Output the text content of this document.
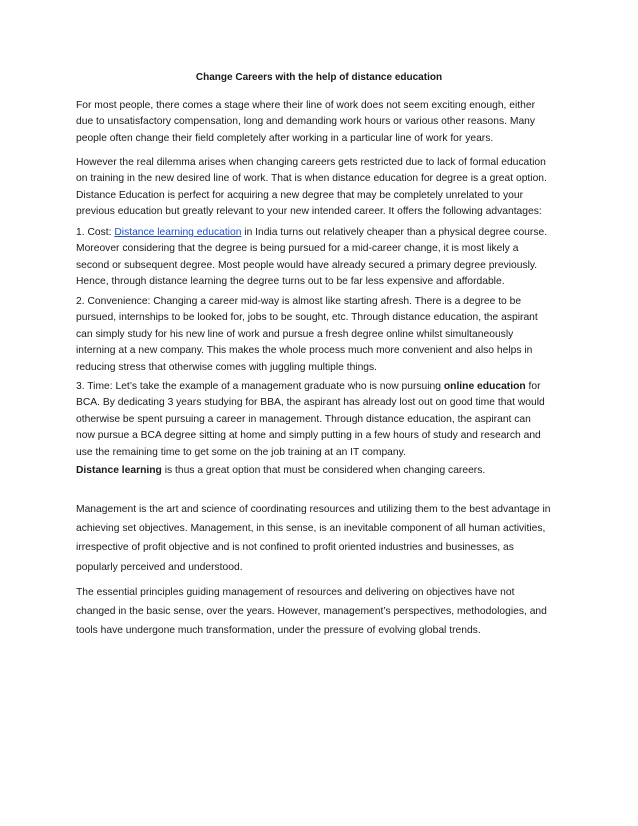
Change Careers with the help of distance education

For most people, there comes a stage where their line of work does not seem exciting enough, either
due to unsatisfactory compensation, long and demanding work hours or various other reasons. Many
people often change their field completely after working in a particular line of work for years.

However the real dilemma arises when changing careers gets restricted due to lack of formal education
on training in the new desired line of work. That is when distance education for degree is a great option.
Distance Education is perfect for acquiring a new degree that may be completely unrelated to your
previous education but greatly relevant to your new intended career. It offers the following advantages:

1. Cost: Distance learning education in India turns out relatively cheaper than a physical degree course.
Moreover considering that the degree is being pursued for a mid-career change, it is most likely a
second or subsequent degree. Most people would have already secured a primary degree previously.
Hence, through distance learning the degree turns out to be far less expensive and affordable.

2. Convenience: Changing a career mid-way is almost like starting afresh. There is a degree to be
pursued, internships to be looked for, jobs to be sought, etc. Through distance education, the aspirant
can simply study for his new line of work and pursue a fresh degree online whilst simultaneously
interning at a new company. This makes the whole process much more convenient and also helps in
reducing stress that otherwise comes with juggling multiple things.

3. Time: Let’s take the example of a management graduate who is now pursuing online education for
BCA. By dedicating 3 years studying for BBA, the aspirant has already lost out on good time that would
otherwise be spent pursuing a career in management. Through distance education, the aspirant can
now pursue a BCA degree sitting at home and simply putting in a few hours of study and research and
use the remaining time to get some on the job training at an IT company.

Distance learning is thus a great option that must be considered when changing careers.

Management is the art and science of coordinating resources and utilizing them to the best advantage in
achieving set objectives. Management, in this sense, is an inevitable component of all human activities,
irrespective of profit objective and is not confined to profit oriented industries and businesses, as
popularly perceived and understood.

The essential principles guiding management of resources and delivering on objectives have not
changed in the basic sense, over the years. However, management’s perspectives, methodologies, and
tools have undergone much transformation, under the pressure of evolving global trends.
